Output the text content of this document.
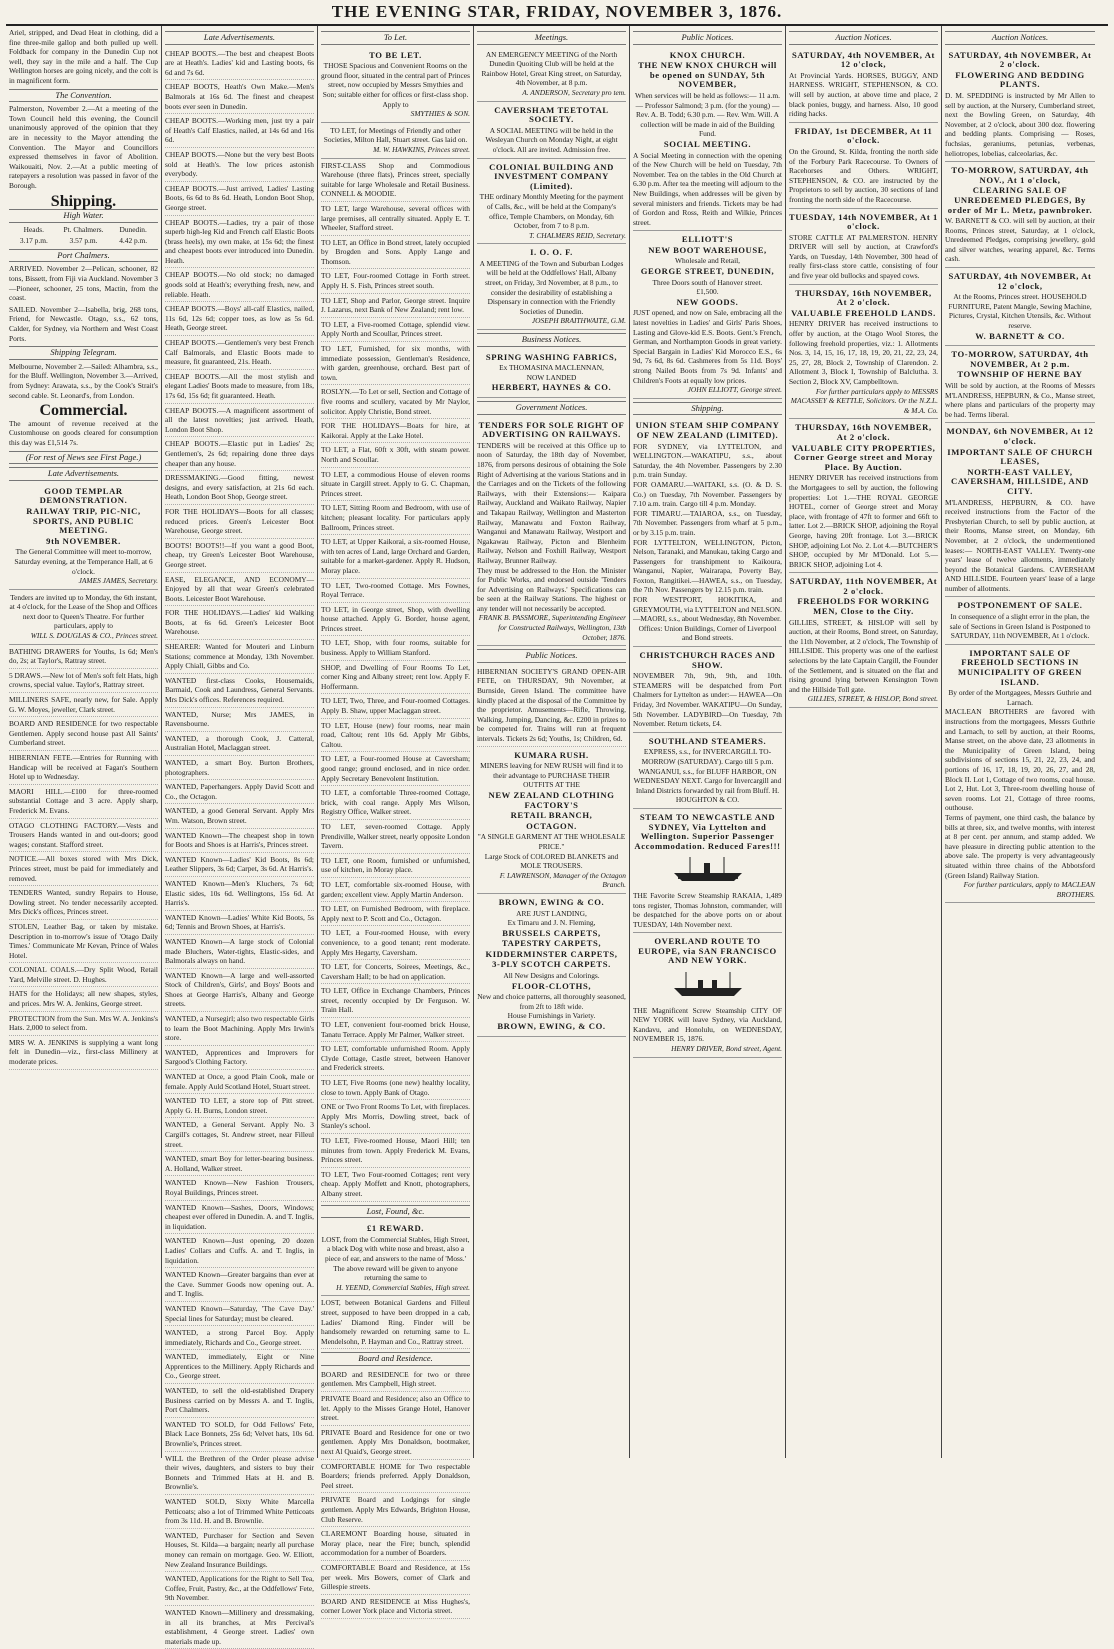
THE EVENING STAR, FRIDAY, NOVEMBER 3, 1876.

Ariel, stripped, and Dead Heat in clothing, did a fine three-mile gallop and both pulled up well. Foldback for company in the Dunedin Cup not well, they say in the mile and a half. The Cup Wellington horses are going nicely, and the colt is in magnificent form.

The Convention.

Palmerston, November 2.—At a meeting of the Town Council held this evening, the Council unanimously approved of the opinion that they are in necessity to the Mayor attending the Convention. The Mayor and Councillors expressed themselves in favor of Abolition. Waikouaiti, Nov. 2.—At a public meeting of ratepayers a resolution was passed in favor of the Borough.

Shipping.
High Water.
Heads.	Pt. Chalmers.	Dunedin.
3.17 p.m.	3.57 p.m.	4.42 p.m.
Port Chalmers.

ARRIVED. November 2—Pelican, schooner, 82 tons, Bissett, from Fiji via Auckland. November 3—Pioneer, schooner, 25 tons, Mactin, from the coast.

SAILED. November 2—Isabella, brig, 268 tons, Friend, for Newcastle. Otago, s.s., 62 tons, Calder, for Sydney, via Northern and West Coast Ports.

Shipping Telegram.

Melbourne, November 2.—Sailed: Alhambra, s.s., for the Bluff. Wellington, November 3.—Arrived, from Sydney: Arawata, s.s., by the Cook's Strait's second cable. St. Leonard's, from London.

Commercial.

The amount of revenue received at the Customhouse on goods cleared for consumption this day was £1,514 7s.

(For rest of News see First Page.)
Late Advertisements.
GOOD TEMPLAR DEMONSTRATION.
RAILWAY TRIP, PIC-NIC, SPORTS, AND PUBLIC MEETING.
9th NOVEMBER.
The General Committee will meet to-morrow, Saturday evening, at the Temperance Hall, at 6 o'clock.
JAMES JAMES, Secretary.
Tenders are invited up to Monday, the 6th instant, at 4 o'clock, for the Lease of the Shop and Offices next door to Queen's Theatre. For further particulars, apply to
WILL S. DOUGLAS & CO., Princes street.
BATHING DRAWERS for Youths, 1s 6d; Men's do, 2s; at Taylor's, Rattray street.
5 DRAWS.—New lot of Men's soft felt Hats, high crowns, special value. Taylor's, Rattray street.
MILLINERS SAFE, nearly new, for Sale. Apply G. W. Moyes, jeweller, Clark street.
BOARD AND RESIDENCE for two respectable Gentlemen. Apply second house past All Saints' Cumberland street.
HIBERNIAN FETE.—Entries for Running with Handicap will be received at Fagan's Southern Hotel up to Wednesday.
MAORI HILL.—£100 for three-roomed substantial Cottage and 3 acre. Apply sharp, Frederick M. Evans.
OTAGO CLOTHING FACTORY.—Vests and Trousers Hands wanted in and out-doors; good wages; constant. Stafford street.
NOTICE.—All boxes stored with Mrs Dick, Princes street, must be paid for immediately and removed.
TENDERS Wanted, sundry Repairs to House, Dowling street. No tender necessarily accepted. Mrs Dick's offices, Princes street.
STOLEN, Leather Bag, or taken by mistake. Description in to-morrow's issue of 'Otago Daily Times.' Communicate Mr Kevan, Prince of Wales Hotel.
COLONIAL COALS.—Dry Split Wood, Retail Yard, Melville street. D. Hughes.
HATS for the Holidays; all new shapes, styles, and prices. Mrs W. A. Jenkins, George street.
PROTECTION from the Sun. Mrs W. A. Jenkins's Hats. 2,000 to select from.
MRS W. A. JENKINS is supplying a want long felt in Dunedin—viz., first-class Millinery at moderate prices.
Late Advertisements.
CHEAP BOOTS.—The best and cheapest Boots are at Heath's. Ladies' kid and Lasting boots, 6s 6d and 7s 6d.
CHEAP BOOTS, Heath's Own Make.—Men's Balmorals at 16s 6d. The finest and cheapest boots ever seen in Dunedin.
CHEAP BOOTS.—Working men, just try a pair of Heath's Calf Elastics, nailed, at 14s 6d and 16s 6d.
CHEAP BOOTS.—None but the very best Boots sold at Heath's. The low prices astonish everybody.
CHEAP BOOTS.—Just arrived, Ladies' Lasting Boots, 6s 6d to 8s 6d. Heath, London Boot Shop, George street.
CHEAP BOOTS.—Ladies, try a pair of those superb high-leg Kid and French calf Elastic Boots (brass heels), my own make, at 15s 6d; the finest and cheapest boots ever introduced into Dunedin. Heath.
CHEAP BOOTS.—No old stock; no damaged goods sold at Heath's; everything fresh, new, and reliable. Heath.
CHEAP BOOTS.—Boys' all-calf Elastics, nailed, 11s 6d, 12s 6d; copper toes, as low as 5s 6d. Heath, George street.
CHEAP BOOTS.—Gentlemen's very best French Calf Balmorals, and Elastic Boots made to measure, fit guaranteed, 21s. Heath.
CHEAP BOOTS.—All the most stylish and elegant Ladies' Boots made to measure, from 18s, 17s 6d, 15s 6d; fit guaranteed. Heath.
CHEAP BOOTS.—A magnificent assortment of all the latest novelties; just arrived. Heath, London Boot Shop.
CHEAP BOOTS.—Elastic put in Ladies' 2s; Gentlemen's, 2s 6d; repairing done three days cheaper than any house.
DRESSMAKING.—Good fitting, newest designs, and every satisfaction, at 21s 6d each. Heath, London Boot Shop, George street.
FOR THE HOLIDAYS—Boots for all classes; reduced prices. Green's Leicester Boot Warehouse, George street.
BOOTS! BOOTS!!—If you want a good Boot, cheap, try Green's Leicester Boot Warehouse, George street.
EASE, ELEGANCE, AND ECONOMY—Enjoyed by all that wear Green's celebrated Boots. Leicester Boot Warehouse.
FOR THE HOLIDAYS.—Ladies' kid Walking Boots, at 6s 6d. Green's Leicester Boot Warehouse.
SHEARER: Wanted for Mouteri and Linburn Stations; commence at Monday, 13th November. Apply Chiall, Gibbs and Co.
WANTED first-class Cooks, Housemaids, Barmaid, Cook and Laundress, General Servants. Mrs Dick's offices. References required.
WANTED, Nurse; Mrs JAMES, in Ravensbourne.
WANTED, a thorough Cook, J. Catteral, Australian Hotel, Maclaggan street.
WANTED, a smart Boy. Burton Brothers, photographers.
WANTED, Paperhangers. Apply David Scott and Co., the Octagon.
WANTED, a good General Servant. Apply Mrs Wm. Watson, Brown street.
WANTED Known—The cheapest shop in town for Boots and Shoes is at Harris's, Princes street.
WANTED Known—Ladies' Kid Boots, 8s 6d; Leather Slippers, 3s 6d; Carpet, 3s 6d. At Harris's.
WANTED Known—Men's Kluchers, 7s 6d; Elastic sides, 10s 6d. Wellingtons, 15s 6d. At Harris's.
WANTED Known—Ladies' White Kid Boots, 5s 6d; Tennis and Brown Shoes, at Harris's.
WANTED Known—A large stock of Colonial made Bluchers, Water-tights, Elastic-sides, and Balmorals always on hand.
WANTED Known—A large and well-assorted Stock of Children's, Girls', and Boys' Boots and Shoes at George Harris's, Albany and George streets.
WANTED, a Nursegirl; also two respectable Girls to learn the Boot Machining. Apply Mrs Irwin's store.
WANTED, Apprentices and Improvers for Sargood's Clothing Factory.
WANTED at Once, a good Plain Cook, male or female. Apply Auld Scotland Hotel, Stuart street.
WANTED TO LET, a store top of Pitt street. Apply G. H. Burns, London street.
WANTED, a General Servant. Apply No. 3 Cargill's cottages, St. Andrew street, near Filleul street.
WANTED, smart Boy for letter-bearing business. A. Holland, Walker street.
WANTED Known—New Fashion Trousers, Royal Buildings, Princes street.
WANTED Known—Sashes, Doors, Windows; cheapest ever offered in Dunedin. A. and T. Inglis, in liquidation.
WANTED Known—Just opening, 20 dozen Ladies' Collars and Cuffs. A. and T. Inglis, in liquidation.
WANTED Known—Greater bargains than ever at the Cave. Summer Goods now opening out. A. and T. Inglis.
WANTED Known—Saturday, 'The Cave Day.' Special lines for Saturday; must be cleared.
WANTED, a strong Parcel Boy. Apply immediately, Richards and Co., George street.
WANTED, immediately, Eight or Nine Apprentices to the Millinery. Apply Richards and Co., George street.
WANTED, to sell the old-established Drapery Business carried on by Messrs A. and T. Inglis, Port Chalmers.
WANTED TO SOLD, for Odd Fellows' Fete, Black Lace Bonnets, 25s 6d; Velvet hats, 10s 6d. Brownlie's, Princes street.
WILL the Brethren of the Order please advise their wives, daughters, and sisters to buy their Bonnets and Trimmed Hats at H. and B. Brownlie's.
WANTED SOLD, Sixty White Marcella Petticoats; also a lot of Trimmed White Petticoats from 3s 11d. H. and B. Brownlie.
WANTED, Purchaser for Section and Seven Houses, St. Kilda—a bargain; nearly all purchase money can remain on mortgage. Geo. W. Elliott, New Zealand Insurance Buildings.
WANTED, Applications for the Right to Sell Tea, Coffee, Fruit, Pastry, &c., at the Oddfellows' Fete, 9th November.
WANTED Known—Millinery and dressmaking, in all its branches, at Mrs Percival's establishment, 4 George street. Ladies' own materials made up.
To Let.
TO BE LET.
THOSE Spacious and Convenient Rooms on the ground floor, situated in the central part of Princes street, now occupied by Messrs Smythies and Son; suitable either for offices or first-class shop. Apply to
SMYTHIES & SON.
TO LET, for Meetings of Friendly and other Societies, Milton Hall, Stuart street. Gas laid on.
M. W. HAWKINS, Princes street.
FIRST-CLASS Shop and Commodious Warehouse (three flats), Princes street, specially suitable for large Wholesale and Retail Business. CONNELL & MOODIE.
TO LET, large Warehouse, several offices with large premises, all centrally situated. Apply E. T. Wheeler, Stafford street.
TO LET, an Office in Bond street, lately occupied by Brogden and Sons. Apply Lange and Thomson.
TO LET, Four-roomed Cottage in Forth street. Apply H. S. Fish, Princes street south.
TO LET, Shop and Parlor, George street. Inquire J. Lazarus, next Bank of New Zealand; rent low.
TO LET, a Five-roomed Cottage, splendid view. Apply North and Scoullar, Princes street.
TO LET, Furnished, for six months, with immediate possession, Gentleman's Residence, with garden, greenhouse, orchard. Best part of town.
ROSLYN.—To Let or sell, Section and Cottage of five rooms and scullery, vacated by Mr Naylor, solicitor. Apply Christie, Bond street.
FOR THE HOLIDAYS—Boats for hire, at Kaikorai. Apply at the Lake Hotel.
TO LET, a Flat, 60ft x 30ft, with steam power. North and Scoullar.
TO LET, a commodious House of eleven rooms situate in Cargill street. Apply to G. C. Chapman, Princes street.
TO LET, Sitting Room and Bedroom, with use of kitchen; pleasant locality. For particulars apply Ballroom, Princes street.
TO LET, at Upper Kaikorai, a six-roomed House, with ten acres of Land, large Orchard and Garden, suitable for a market-gardener. Apply R. Hudson, Moray place.
TO LET, Two-roomed Cottage. Mrs Fownes, Royal Terrace.
TO LET, in George street, Shop, with dwelling house attached. Apply G. Border, house agent, Princes street.
TO LET, Shop, with four rooms, suitable for business. Apply to William Stanford.
SHOP, and Dwelling of Four Rooms To Let, corner King and Albany street; rent low. Apply F. Hoffermann.
TO LET, Two, Three, and Four-roomed Cottages. Apply B. Shaw, upper Maclaggan street.
TO LET, House (new) four rooms, near main road, Caltou; rent 10s 6d. Apply Mr Gibbs, Caltou.
TO LET, a Four-roomed House at Caversham; good range; ground enclosed, and in nice order. Apply Secretary Benevolent Institution.
TO LET, a comfortable Three-roomed Cottage, brick, with coal range. Apply Mrs Wilson, Registry Office, Walker street.
TO LET, seven-roomed Cottage. Apply Prendiville, Walker street, nearly opposite London Tavern.
TO LET, one Room, furnished or unfurnished, use of kitchen, in Moray place.
TO LET, comfortable six-roomed House, with garden; excellent view. Apply Martin Anderson.
TO LET, on Furnished Bedroom, with fireplace. Apply next to P. Scott and Co., Octagon.
TO LET, a Four-roomed House, with every convenience, to a good tenant; rent moderate. Apply Mrs Hegarty, Caversham.
TO LET, for Concerts, Soirees, Meetings, &c., Caversham Hall; to be had on application.
TO LET, Office in Exchange Chambers, Princes street, recently occupied by Dr Ferguson. W. Train Hall.
TO LET, convenient four-roomed brick House, Tanatu Terrace. Apply Mr Palmer, Walker street.
TO LET, comfortable unfurnished Room. Apply Clyde Cottage, Castle street, between Hanover and Frederick streets.
TO LET, Five Rooms (one new) healthy locality, close to town. Apply Bank of Otago.
ONE or Two Front Rooms To Let, with fireplaces. Apply Mrs Morris, Dowling street, back of Stanley's school.
TO LET, Five-roomed House, Maori Hill; ten minutes from town. Apply Frederick M. Evans, Princes street.
TO LET, Two Four-roomed Cottages; rent very cheap. Apply Moffett and Knott, photographers, Albany street.
Lost, Found, &c.
£1 REWARD.
LOST, from the Commercial Stables, High Street, a black Dog with white nose and breast, also a piece of ear, and answers to the name of 'Moss.' The above reward will be given to anyone returning the same to
H. YEEND, Commercial Stables, High street.
LOST, between Botanical Gardens and Filleul street, supposed to have been dropped in a cab, Ladies' Diamond Ring. Finder will be handsomely rewarded on returning same to L. Mendelsohn, P. Hayman and Co., Rattray street.
Board and Residence.
BOARD and RESIDENCE for two or three gentlemen. Mrs Campbell, High street.
PRIVATE Board and Residence; also an Office to let. Apply to the Misses Grange Hotel, Hanover street.
PRIVATE Board and Residence for one or two gentlemen. Apply Mrs Donaldson, bootmaker, next Al Quaid's, George street.
COMFORTABLE HOME for Two respectable Boarders; friends preferred. Apply Donaldson, Peel street.
PRIVATE Board and Lodgings for single gentlemen. Apply Mrs Edwards, Brighton House, Club Reserve.
CLAREMONT Boarding house, situated in Moray place, near the Fire; bunch, splendid accommodation for a number of Boarders.
COMFORTABLE Board and Residence, at 15s per week. Mrs Bowers, corner of Clark and Gillespie streets.
BOARD AND RESIDENCE at Miss Hughes's, corner Lower York place and Victoria street.
Meetings.
AN EMERGENCY MEETING of the North Dunedin Quoiting Club will be held at the Rainbow Hotel, Great King street, on Saturday, 4th November, at 8 p.m.
A. ANDERSON, Secretary pro tem.
CAVERSHAM TEETOTAL SOCIETY.
A SOCIAL MEETING will be held in the Wesleyan Church on Monday Night, at eight o'clock. All are invited. Admission free.
COLONIAL BUILDING AND INVESTMENT COMPANY (Limited).
THE ordinary Monthly Meeting for the payment of Calls, &c., will be held at the Company's office, Temple Chambers, on Monday, 6th October, from 7 to 8 p.m.
T. CHALMERS REID, Secretary.
I. O. O. F.
A MEETING of the Town and Suburban Lodges will be held at the Oddfellows' Hall, Albany street, on Friday, 3rd November, at 8 p.m., to consider the desirability of establishing a Dispensary in connection with the Friendly Societies of Dunedin.
JOSEPH BRAITHWAITE, G.M.
Business Notices.
SPRING WASHING FABRICS,
Ex THOMASINA MACLENNAN,
NOW LANDED
HERBERT, HAYNES & CO.
Government Notices.
TENDERS FOR SOLE RIGHT OF ADVERTISING ON RAILWAYS.
TENDERS will be received at this Office up to noon of Saturday, the 18th day of November, 1876, from persons desirous of obtaining the Sole Right of Advertising at the various Stations and in the Carriages and on the Tickets of the following Railways, with their Extensions:— Kaipara Railway, Auckland and Waikato Railway, Napier and Takapau Railway, Wellington and Masterton Railway, Manawatu and Foxton Railway, Wanganui and Manawatu Railway, Westport and Ngakawau Railway, Picton and Blenheim Railway, Nelson and Foxhill Railway, Westport Railway, Brunner Railway.
They must be addressed to the Hon. the Minister for Public Works, and endorsed outside 'Tenders for Advertising on Railways.' Specifications can be seen at the Railway Stations. The highest or any tender will not necessarily be accepted.
FRANK B. PASSMORE, Superintending Engineer for Constructed Railways, Wellington, 13th October, 1876.
Public Notices.
HIBERNIAN SOCIETY'S GRAND OPEN-AIR FETE, on THURSDAY, 9th November, at Burnside, Green Island. The committee have kindly placed at the disposal of the Committee by the proprietor. Amusements—Rifle, Throwing, Walking, Jumping, Dancing, &c. £200 in prizes to be competed for. Trains will run at frequent intervals. Tickets 2s 6d; Youths, 1s; Children, 6d.
KUMARA RUSH.
MINERS leaving for NEW RUSH will find it to their advantage to PURCHASE THEIR OUTFITS AT THE
NEW ZEALAND CLOTHING FACTORY'S
RETAIL BRANCH,
OCTAGON.
"A SINGLE GARMENT AT THE WHOLESALE PRICE."
Large Stock of COLORED BLANKETS and MOLE TROUSERS.
F. LAWRENSON, Manager of the Octagon Branch.
BROWN, EWING & CO.
ARE JUST LANDING,
Ex Timaru and J. N. Fleming,
BRUSSELS CARPETS,
TAPESTRY CARPETS,
KIDDERMINSTER CARPETS,
3-PLY SCOTCH CARPETS.
All New Designs and Colorings.
FLOOR-CLOTHS,
New and choice patterns, all thoroughly seasoned, from 2ft to 18ft wide.
House Furnishings in Variety.
BROWN, EWING, & CO.
Public Notices.
KNOX CHURCH.
THE NEW KNOX CHURCH will be opened on SUNDAY, 5th NOVEMBER,
When services will be held as follows:— 11 a.m. — Professor Salmond; 3 p.m. (for the young) — Rev. A. B. Todd; 6.30 p.m. — Rev. Wm. Will. A collection will be made in aid of the Building Fund.
SOCIAL MEETING.
A Social Meeting in connection with the opening of the New Church will be held on Tuesday, 7th November. Tea on the tables in the Old Church at 6.30 p.m. After tea the meeting will adjourn to the New Buildings, when addresses will be given by several ministers and friends. Tickets may be had of Gordon and Ross, Reith and Wilkie, Princes street.
ELLIOTT'S
NEW BOOT WAREHOUSE,
Wholesale and Retail,
GEORGE STREET, DUNEDIN,
Three Doors south of Hanover street.
£1,500.
NEW GOODS.
JUST opened, and now on Sale, embracing all the latest novelties in Ladies' and Girls' Paris Shoes, Lasting and Glove-kid E.S. Boots. Gent.'s French, German, and Northampton Goods in great variety. Special Bargain in Ladies' Kid Morocco E.S., 6s 9d, 7s 6d, 8s 6d. Cashmeres from 5s 11d. Boys' strong Nailed Boots from 7s 9d. Infants' and Children's Foots at equally low prices.
JOHN ELLIOTT, George street.
Shipping.
UNION STEAM SHIP COMPANY OF NEW ZEALAND (LIMITED).
FOR SYDNEY, via LYTTELTON, and WELLINGTON.—WAKATIPU, s.s., about Saturday, the 4th November. Passengers by 2.30 p.m. train Sunday.
FOR OAMARU.—WAITAKI, s.s. (O. & D. S. Co.) on Tuesday, 7th November. Passengers by 7.10 a.m. train. Cargo till 4 p.m. Monday.
FOR TIMARU.—TAIAROA, s.s., on Tuesday, 7th November. Passengers from wharf at 5 p.m., or by 3.15 p.m. train.
FOR LYTTELTON, WELLINGTON, Picton, Nelson, Taranaki, and Manukau, taking Cargo and Passengers for transhipment to Kaikoura, Wanganui, Napier, Wairarapa, Poverty Bay, Foxton, Rangitikei.—HAWEA, s.s., on Tuesday, the 7th Nov. Passengers by 12.15 p.m. train.
FOR WESTPORT, HOKITIKA, and GREYMOUTH, via LYTTELTON and NELSON.—MAORI, s.s., about Wednesday, 8th November.
Offices: Union Buildings, Corner of Liverpool and Bond streets.
CHRISTCHURCH RACES AND SHOW.
NOVEMBER 7th, 9th, 9th, and 10th. STEAMERS will be despatched from Port Chalmers for Lyttelton as under:— HAWEA—On Friday, 3rd November. WAKATIPU—On Sunday, 5th November. LADYBIRD—On Tuesday, 7th November. Return tickets, £4.
SOUTHLAND STEAMERS.
EXPRESS, s.s., for INVERCARGILL TO-MORROW (SATURDAY). Cargo till 5 p.m.
WANGANUI, s.s., for BLUFF HARBOR, ON WEDNESDAY NEXT. Cargo for Invercargill and Inland Districts forwarded by rail from Bluff. H. HOUGHTON & CO.
STEAM TO NEWCASTLE AND SYDNEY, Via Lyttelton and Wellington. Superior Passenger Accommodation. Reduced Fares!!!
THE Favorite Screw Steamship RAKAIA, 1,489 tons register, Thomas Johnston, commander, will be despatched for the above ports on or about TUESDAY, 14th November next.
OVERLAND ROUTE TO EUROPE, via SAN FRANCISCO AND NEW YORK.
THE Magnificent Screw Steamship CITY OF NEW YORK will leave Sydney, via Auckland, Kandavu, and Honolulu, on WEDNESDAY, NOVEMBER 15, 1876.
HENRY DRIVER, Bond street, Agent.
Auction Notices.
SATURDAY, 4th NOVEMBER, At 12 o'clock,
At Provincial Yards. HORSES, BUGGY, AND HARNESS. WRIGHT, STEPHENSON, & CO. will sell by auction, at above time and place, 2 black ponies, buggy, and harness. Also, 10 good riding hacks.
FRIDAY, 1st DECEMBER, At 11 o'clock.
On the Ground, St. Kilda, fronting the north side of the Forbury Park Racecourse. To Owners of Racehorses and Others. WRIGHT, STEPHENSON, & CO. are instructed by the Proprietors to sell by auction, 30 sections of land fronting the north side of the Racecourse.
TUESDAY, 14th NOVEMBER, At 1 o'clock.
STORE CATTLE AT PALMERSTON. HENRY DRIVER will sell by auction, at Crawford's Yards, on Tuesday, 14th November, 300 head of really first-class store cattle, consisting of four and five year old bullocks and spayed cows.
THURSDAY, 16th NOVEMBER, At 2 o'clock.
VALUABLE FREEHOLD LANDS.
HENRY DRIVER has received instructions to offer by auction, at the Otago Wool Stores, the following freehold properties, viz.: 1. Allotments Nos. 3, 14, 15, 16, 17, 18, 19, 20, 21, 22, 23, 24, 25, 27, 28, Block 2, Township of Clarendon. 2. Allotment 3, Block I, Township of Balclutha. 3. Section 2, Block XV, Campbelltown.
For further particulars apply to MESSRS MACASSEY & KETTLE, Solicitors. Or the N.Z.L. & M.A. Co.
THURSDAY, 16th NOVEMBER, At 2 o'clock.
VALUABLE CITY PROPERTIES, Corner George street and Moray Place. By Auction.
HENRY DRIVER has received instructions from the Mortgagees to sell by auction, the following properties: Lot 1.—THE ROYAL GEORGE HOTEL, corner of George street and Moray place, with frontage of 47ft to former and 66ft to latter. Lot 2.—BRICK SHOP, adjoining the Royal George, having 20ft frontage. Lot 3.—BRICK SHOP, adjoining Lot No. 2. Lot 4.—BUTCHER'S SHOP, occupied by Mr M'Donald. Lot 5.—BRICK SHOP, adjoining Lot 4.
SATURDAY, 11th NOVEMBER, At 2 o'clock.
FREEHOLDS FOR WORKING MEN, Close to the City.
GILLIES, STREET, & HISLOP will sell by auction, at their Rooms, Bond street, on Saturday, the 11th November, at 2 o'clock, The Township of HILLSIDE. This property was one of the earliest selections by the late Captain Cargill, the Founder of the Settlement, and is situated on the flat and rising ground lying between Kensington Town and the Hillside Toll gate.
GILLIES, STREET, & HISLOP, Bond street.
Auction Notices.
SATURDAY, 4th NOVEMBER, At 2 o'clock.
FLOWERING AND BEDDING PLANTS.
D. M. SPEDDING is instructed by Mr Allen to sell by auction, at the Nursery, Cumberland street, next the Bowling Green, on Saturday, 4th November, at 2 o'clock, about 300 doz. flowering and bedding plants. Comprising — Roses, fuchsias, geraniums, petunias, verbenas, heliotropes, lobelias, calceolarias, &c.
TO-MORROW, SATURDAY, 4th NOV., At 1 o'clock,
CLEARING SALE OF UNREDEEMED PLEDGES, By order of Mr L. Metz, pawnbroker.
W. BARNETT & CO. will sell by auction, at their Rooms, Princes street, Saturday, at 1 o'clock, Unredeemed Pledges, comprising jewellery, gold and silver watches, wearing apparel, &c. Terms cash.
SATURDAY, 4th NOVEMBER, At 12 o'clock,
At the Rooms, Princes street. HOUSEHOLD FURNITURE, Patent Mangle, Sewing Machine, Pictures, Crystal, Kitchen Utensils, &c. Without reserve.
W. BARNETT & CO.
TO-MORROW, SATURDAY, 4th NOVEMBER, At 2 p.m.
TOWNSHIP OF HERNE BAY
Will be sold by auction, at the Rooms of Messrs M'LANDRESS, HEPBURN, & Co., Manse street, where plans and particulars of the property may be had. Terms liberal.
MONDAY, 6th NOVEMBER, At 12 o'clock.
IMPORTANT SALE OF CHURCH LEASES,
NORTH-EAST VALLEY, CAVERSHAM, HILLSIDE, AND CITY.
M'LANDRESS, HEPBURN, & CO. have received instructions from the Factor of the Presbyterian Church, to sell by public auction, at their Rooms, Manse street, on Monday, 6th November, at 2 o'clock, the undermentioned leases:— NORTH-EAST VALLEY. Twenty-one years' lease of twelve allotments, immediately beyond the Botanical Gardens. CAVERSHAM AND HILLSIDE. Fourteen years' lease of a large number of allotments.
POSTPONEMENT OF SALE.
In consequence of a slight error in the plan, the sale of Sections in Green Island is Postponed to SATURDAY, 11th NOVEMBER, At 1 o'clock.
IMPORTANT SALE OF FREEHOLD SECTIONS IN MUNICIPALITY OF GREEN ISLAND.
By order of the Mortgagees, Messrs Guthrie and Larnach.
MACLEAN BROTHERS are favored with instructions from the mortgagees, Messrs Guthrie and Larnach, to sell by auction, at their Rooms, Manse street, on the above date, 23 allotments in the Municipality of Green Island, being subdivisions of sections 15, 21, 22, 23, 24, and portions of 16, 17, 18, 19, 20, 26, 27, and 28, Block II. Lot 1, Cottage of two rooms, coal house. Lot 2, Hut. Lot 3, Three-room dwelling house of seven rooms. Lot 21, Cottage of three rooms, outhouse.
Terms of payment, one third cash, the balance by bills at three, six, and twelve months, with interest at 8 per cent. per annum, and stamp added. We have pleasure in directing public attention to the above sale. The property is very advantageously situated within three chains of the Abbotsford (Green Island) Railway Station.
For further particulars, apply to MACLEAN BROTHERS.
